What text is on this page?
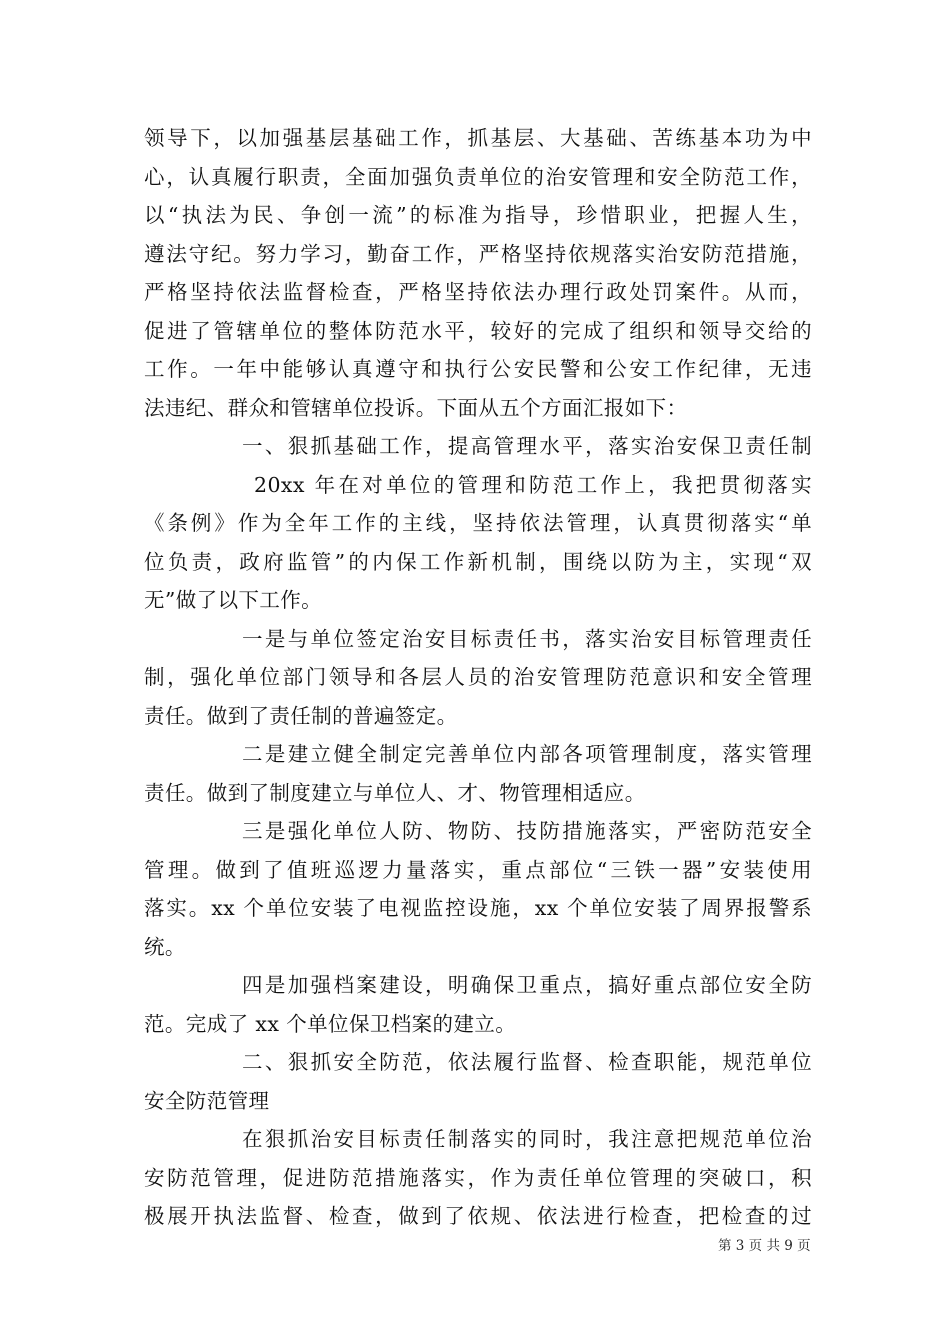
领导下，以加强基层基础工作，抓基层、大基础、苦练基本功为中
心，认真履行职责，全面加强负责单位的治安管理和安全防范工作，
以“执法为民、争创一流”的标准为指导，珍惜职业，把握人生，
遵法守纪。努力学习，勤奋工作，严格坚持依规落实治安防范措施，
严格坚持依法监督检查，严格坚持依法办理行政处罚案件。从而，
促进了管辖单位的整体防范水平，较好的完成了组织和领导交给的
工作。一年中能够认真遵守和执行公安民警和公安工作纪律，无违
法违纪、群众和管辖单位投诉。下面从五个方面汇报如下：
一、狠抓基础工作，提高管理水平，落实治安保卫责任制
20xx 年在对单位的管理和防范工作上，我把贯彻落实
《条例》作为全年工作的主线，坚持依法管理，认真贯彻落实“单
位负责，政府监管”的内保工作新机制，围绕以防为主，实现“双
无”做了以下工作。
一是与单位签定治安目标责任书，落实治安目标管理责任
制，强化单位部门领导和各层人员的治安管理防范意识和安全管理
责任。做到了责任制的普遍签定。
二是建立健全制定完善单位内部各项管理制度，落实管理
责任。做到了制度建立与单位人、才、物管理相适应。
三是强化单位人防、物防、技防措施落实，严密防范安全
管理。做到了值班巡逻力量落实，重点部位“三铁一器”安装使用
落实。xx 个单位安装了电视监控设施，xx 个单位安装了周界报警系
统。
四是加强档案建设，明确保卫重点，搞好重点部位安全防
范。完成了 xx 个单位保卫档案的建立。
二、狠抓安全防范，依法履行监督、检查职能，规范单位
安全防范管理
在狠抓治安目标责任制落实的同时，我注意把规范单位治
安防范管理，促进防范措施落实，作为责任单位管理的突破口，积
极展开执法监督、检查，做到了依规、依法进行检查，把检查的过
第 3 页 共 9 页
